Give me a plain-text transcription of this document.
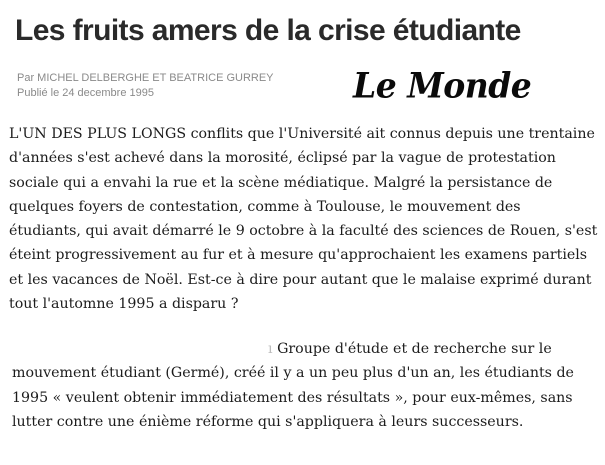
Les fruits amers de la crise étudiante
Par MICHEL DELBERGHE ET BEATRICE GURREY
Publié le 24 decembre 1995	Le Monde
L'UN DES PLUS LONGS conflits que l'Université ait connus depuis une trentaine
d'années s'est achevé dans la morosité, éclipsé par la vague de protestation
sociale qui a envahi la rue et la scène médiatique. Malgré la persistance de
quelques foyers de contestation, comme à Toulouse, le mouvement des
étudiants, qui avait démarré le 9 octobre à la faculté des sciences de Rouen, s'est
éteint progressivement au fur et à mesure qu'approchaient les examens partiels
et les vacances de Noël. Est-ce à dire pour autant que le malaise exprimé durant
tout l'automne 1995 a disparu ?
ı Groupe d'étude et de recherche sur le
mouvement étudiant (Germé), créé il y a un peu plus d'un an, les étudiants de
1995 « veulent obtenir immédiatement des résultats », pour eux-mêmes, sans
lutter contre une énième réforme qui s'appliquera à leurs successeurs.
